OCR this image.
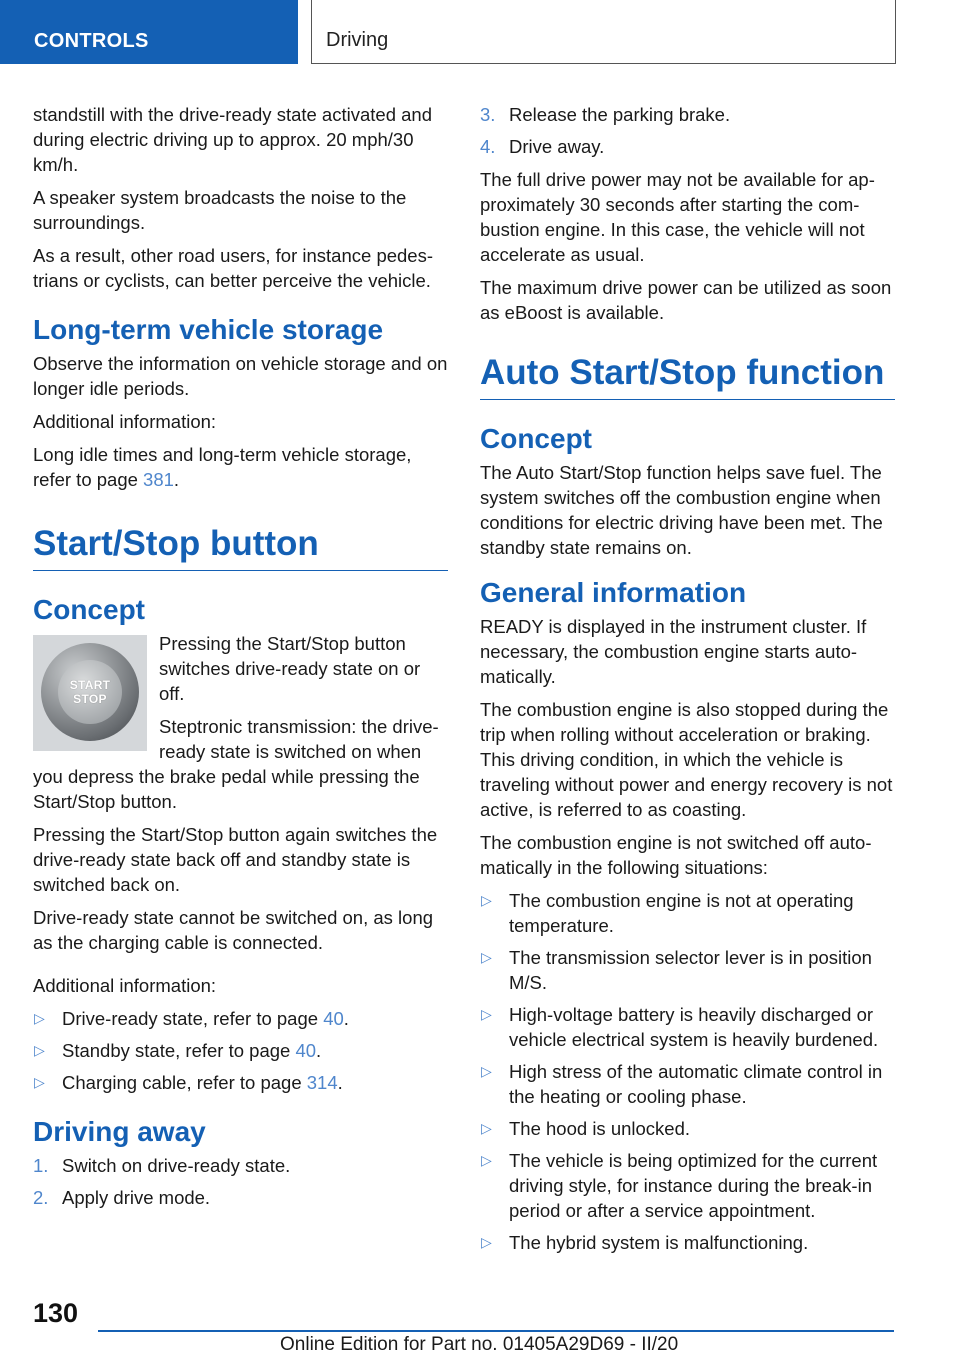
CONTROLS	Driving

standstill with the drive-ready state activated and during electric driving up to approx. 20 mph/30 km/h.

A speaker system broadcasts the noise to the surroundings.

As a result, other road users, for instance pedestrians or cyclists, can better perceive the vehicle.

Long-term vehicle storage

Observe the information on vehicle storage and on longer idle periods.

Additional information:

Long idle times and long-term vehicle storage, refer to page 381.

Start/Stop button
Concept
START
STOP

Pressing the Start/Stop button switches drive-ready state on or off.

Steptronic transmission: the drive-ready state is switched on when you depress the brake pedal while pressing the Start/Stop button.

Pressing the Start/Stop button again switches the drive-ready state back off and standby state is switched back on.

Drive-ready state cannot be switched on, as long as the charging cable is connected.

Additional information:

▷ Drive-ready state, refer to page 40.
▷ Standby state, refer to page 40.
▷ Charging cable, refer to page 314.
Driving away
1. Switch on drive-ready state.
2. Apply drive mode.
3. Release the parking brake.
4. Drive away.

The full drive power may not be available for approximately 30 seconds after starting the combustion engine. In this case, the vehicle will not accelerate as usual.

The maximum drive power can be utilized as soon as eBoost is available.

Auto Start/Stop function
Concept

The Auto Start/Stop function helps save fuel. The system switches off the combustion engine when conditions for electric driving have been met. The standby state remains on.

General information

READY is displayed in the instrument cluster. If necessary, the combustion engine starts automatically.

The combustion engine is also stopped during the trip when rolling without acceleration or braking. This driving condition, in which the vehicle is traveling without power and energy recovery is not active, is referred to as coasting.

The combustion engine is not switched off automatically in the following situations:

▷ The combustion engine is not at operating temperature.
▷ The transmission selector lever is in position M/S.
▷ High-voltage battery is heavily discharged or vehicle electrical system is heavily burdened.
▷ High stress of the automatic climate control in the heating or cooling phase.
▷ The hood is unlocked.
▷ The vehicle is being optimized for the current driving style, for instance during the break-in period or after a service appointment.
▷ The hybrid system is malfunctioning.
130
Online Edition for Part no. 01405A29D69 - II/20
